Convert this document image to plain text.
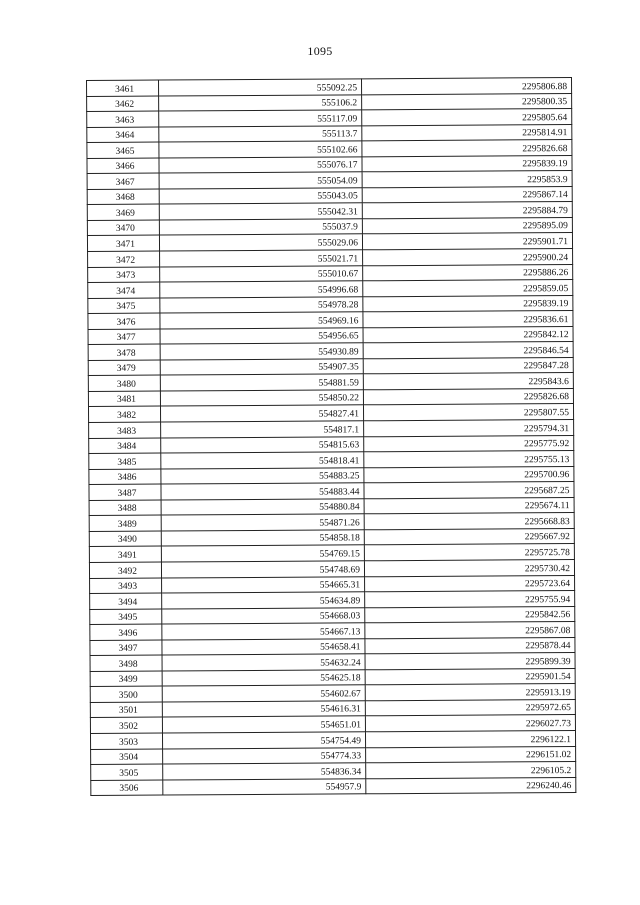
1095
3461	555092.25	2295806.88
3462	555106.2	2295800.35
3463	555117.09	2295805.64
3464	555113.7	2295814.91
3465	555102.66	2295826.68
3466	555076.17	2295839.19
3467	555054.09	2295853.9
3468	555043.05	2295867.14
3469	555042.31	2295884.79
3470	555037.9	2295895.09
3471	555029.06	2295901.71
3472	555021.71	2295900.24
3473	555010.67	2295886.26
3474	554996.68	2295859.05
3475	554978.28	2295839.19
3476	554969.16	2295836.61
3477	554956.65	2295842.12
3478	554930.89	2295846.54
3479	554907.35	2295847.28
3480	554881.59	2295843.6
3481	554850.22	2295826.68
3482	554827.41	2295807.55
3483	554817.1	2295794.31
3484	554815.63	2295775.92
3485	554818.41	2295755.13
3486	554883.25	2295700.96
3487	554883.44	2295687.25
3488	554880.84	2295674.11
3489	554871.26	2295668.83
3490	554858.18	2295667.92
3491	554769.15	2295725.78
3492	554748.69	2295730.42
3493	554665.31	2295723.64
3494	554634.89	2295755.94
3495	554668.03	2295842.56
3496	554667.13	2295867.08
3497	554658.41	2295878.44
3498	554632.24	2295899.39
3499	554625.18	2295901.54
3500	554602.67	2295913.19
3501	554616.31	2295972.65
3502	554651.01	2296027.73
3503	554754.49	2296122.1
3504	554774.33	2296151.02
3505	554836.34	2296105.2
3506	554957.9	2296240.46
